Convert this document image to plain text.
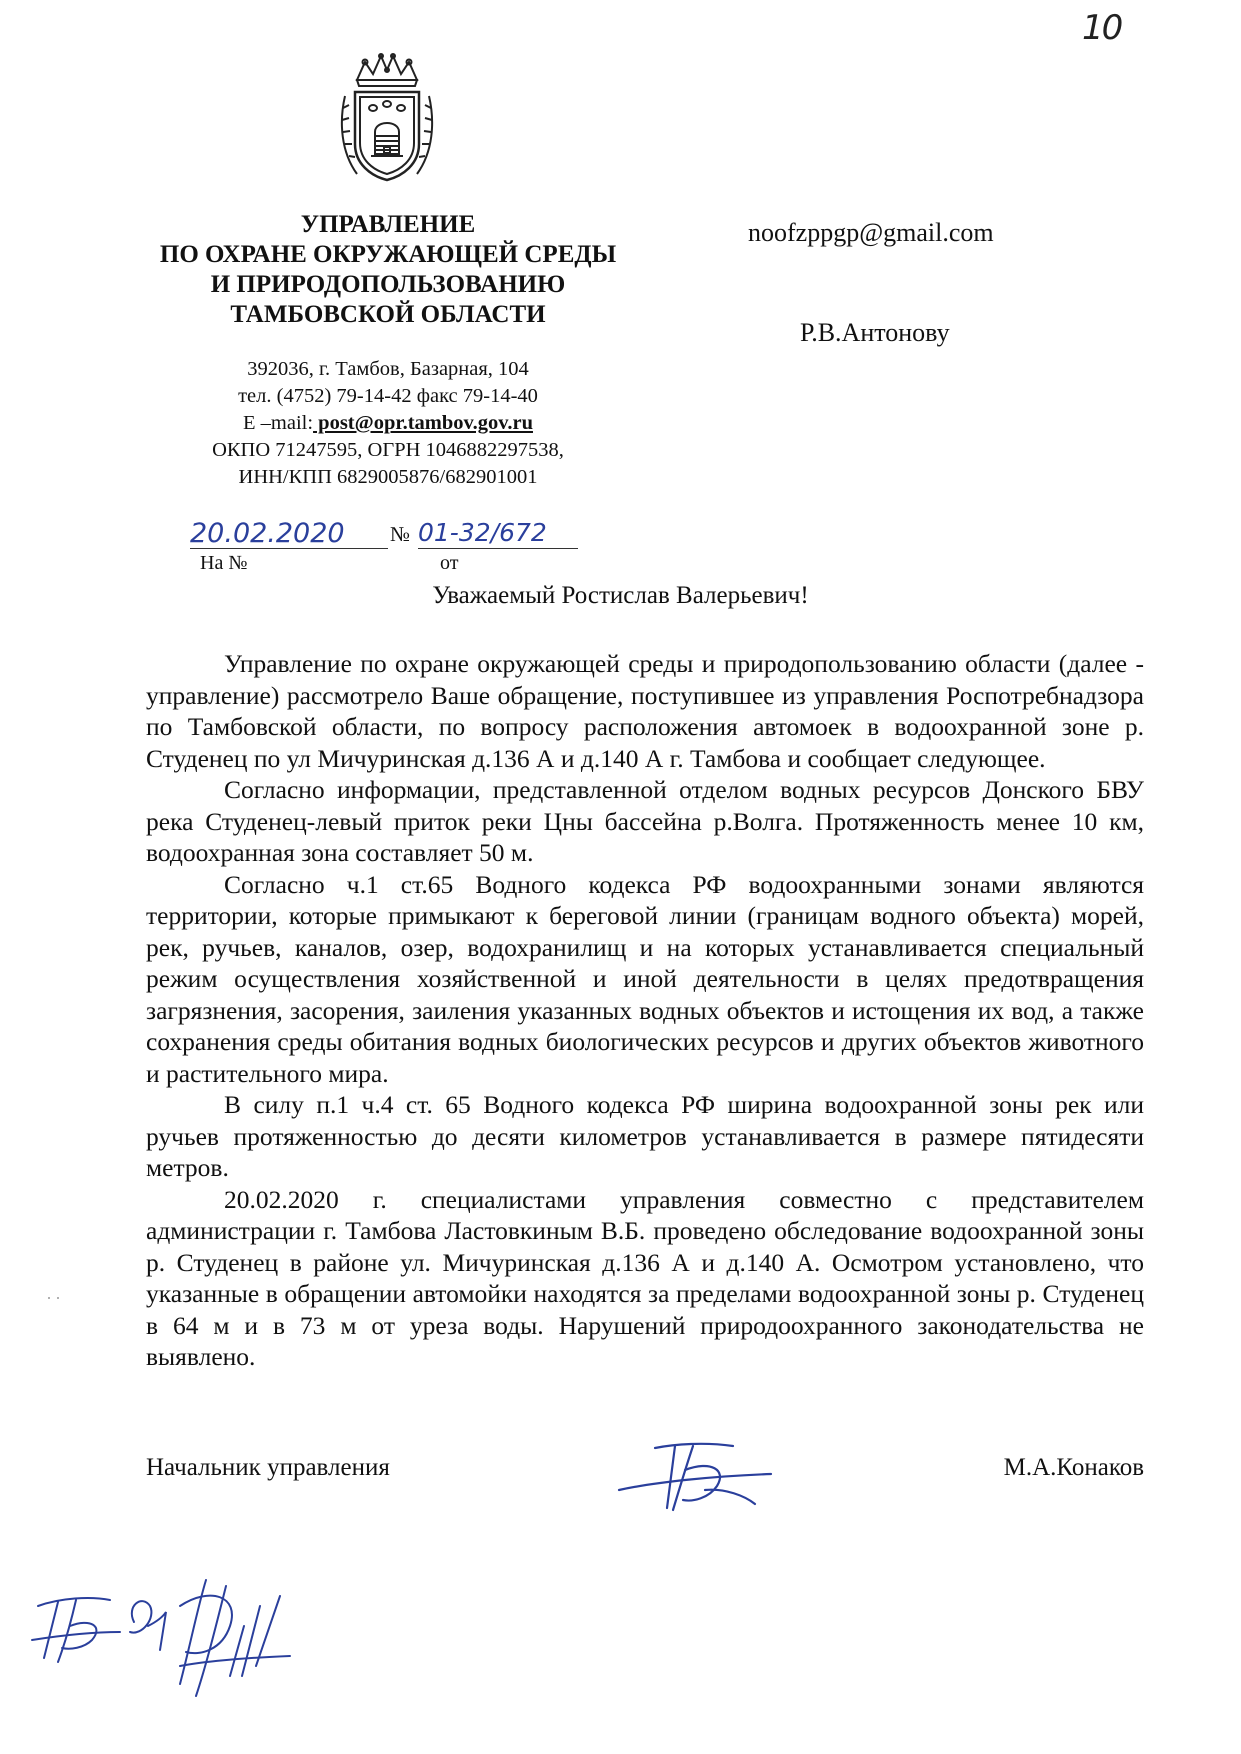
10
УПРАВЛЕНИЕ
ПО ОХРАНЕ ОКРУЖАЮЩЕЙ СРЕДЫ
И ПРИРОДОПОЛЬЗОВАНИЮ
ТАМБОВСКОЙ ОБЛАСТИ
392036, г. Тамбов, Базарная, 104
тел. (4752) 79-14-42 факс 79-14-40
Е –mail: post@opr.tambov.gov.ru
ОКПО 71247595, ОГРН 1046882297538,
ИНН/КПП 6829005876/682901001
20.02.2020 № 01-32/672
На №	от
noofzppgp@gmail.com
Р.В.Антонову
Уважаемый Ростислав Валерьевич!

Управление по охране окружающей среды и природопользованию области (далее - управление) рассмотрело Ваше обращение, поступившее из управления Роспотребнадзора по Тамбовской области, по вопросу расположения автомоек в водоохранной зоне р. Студенец по ул Мичуринская д.136 А и д.140 А г. Тамбова и сообщает следующее.

Согласно информации, представленной отделом водных ресурсов Донского БВУ река Студенец-левый приток реки Цны бассейна р.Волга. Протяженность менее 10 км, водоохранная зона составляет 50 м.

Согласно ч.1 ст.65 Водного кодекса РФ водоохранными зонами являются территории, которые примыкают к береговой линии (границам водного объекта) морей, рек, ручьев, каналов, озер, водохранилищ и на которых устанавливается специальный режим осуществления хозяйственной и иной деятельности в целях предотвращения загрязнения, засорения, заиления указанных водных объектов и истощения их вод, а также сохранения среды обитания водных биологических ресурсов и других объектов животного и растительного мира.

В силу п.1 ч.4 ст. 65 Водного кодекса РФ ширина водоохранной зоны рек или ручьев протяженностью до десяти километров устанавливается в размере пятидесяти метров.

20.02.2020 г. специалистами управления совместно с представителем администрации г. Тамбова Ластовкиным В.Б. проведено обследование водоохранной зоны р. Студенец в районе ул. Мичуринская д.136 А и д.140 А. Осмотром установлено, что указанные в обращении автомойки находятся за пределами водоохранной зоны р. Студенец в 64 м и в 73 м от уреза воды. Нарушений природоохранного законодательства не выявлено.

Начальник управления	М.А.Конаков
